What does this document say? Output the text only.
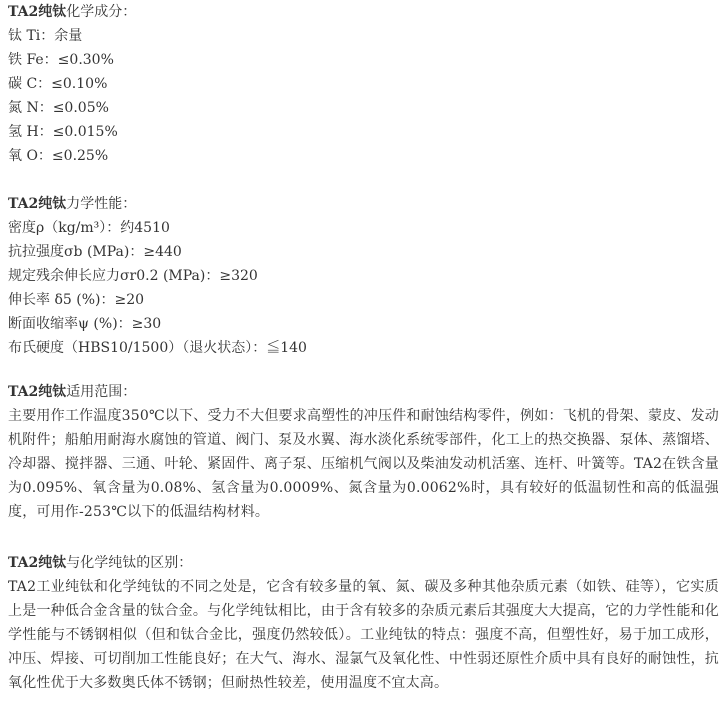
TA2纯钛化学成分：

钛 Ti：余量

铁 Fe：≤0.30%

碳 C：≤0.10%

氮 N：≤0.05%

氢 H：≤0.015%

氧 O：≤0.25%

TA2纯钛力学性能：

密度ρ（kg/m³）：约4510

抗拉强度σb (MPa)：≥440

规定残余伸长应力σr0.2 (MPa)：≥320

伸长率 δ5 (%)：≥20

断面收缩率ψ (%)：≥30

布氏硬度（HBS10/1500）（退火状态）：≦140

TA2纯钛适用范围：

主要用作工作温度350℃以下、受力不大但要求高塑性的冲压件和耐蚀结构零件，例如：飞机的骨架、蒙皮、发动机附件；船舶用耐海水腐蚀的管道、阀门、泵及水翼、海水淡化系统零部件，化工上的热交换器、泵体、蒸馏塔、冷却器、搅拌器、三通、叶轮、紧固件、离子泵、压缩机气阀以及柴油发动机活塞、连杆、叶簧等。TA2在铁含量为0.095%、氧含量为0.08%、氢含量为0.0009%、氮含量为0.0062%时，具有较好的低温韧性和高的低温强度，可用作-253℃以下的低温结构材料。

TA2纯钛与化学纯钛的区别：

TA2工业纯钛和化学纯钛的不同之处是，它含有较多量的氧、氮、碳及多种其他杂质元素（如铁、硅等），它实质上是一种低合金含量的钛合金。与化学纯钛相比，由于含有较多的杂质元素后其强度大大提高，它的力学性能和化学性能与不锈钢相似（但和钛合金比，强度仍然较低）。工业纯钛的特点：强度不高，但塑性好，易于加工成形，冲压、焊接、可切削加工性能良好；在大气、海水、湿氯气及氧化性、中性弱还原性介质中具有良好的耐蚀性，抗氧化性优于大多数奥氏体不锈钢；但耐热性较差，使用温度不宜太高。
